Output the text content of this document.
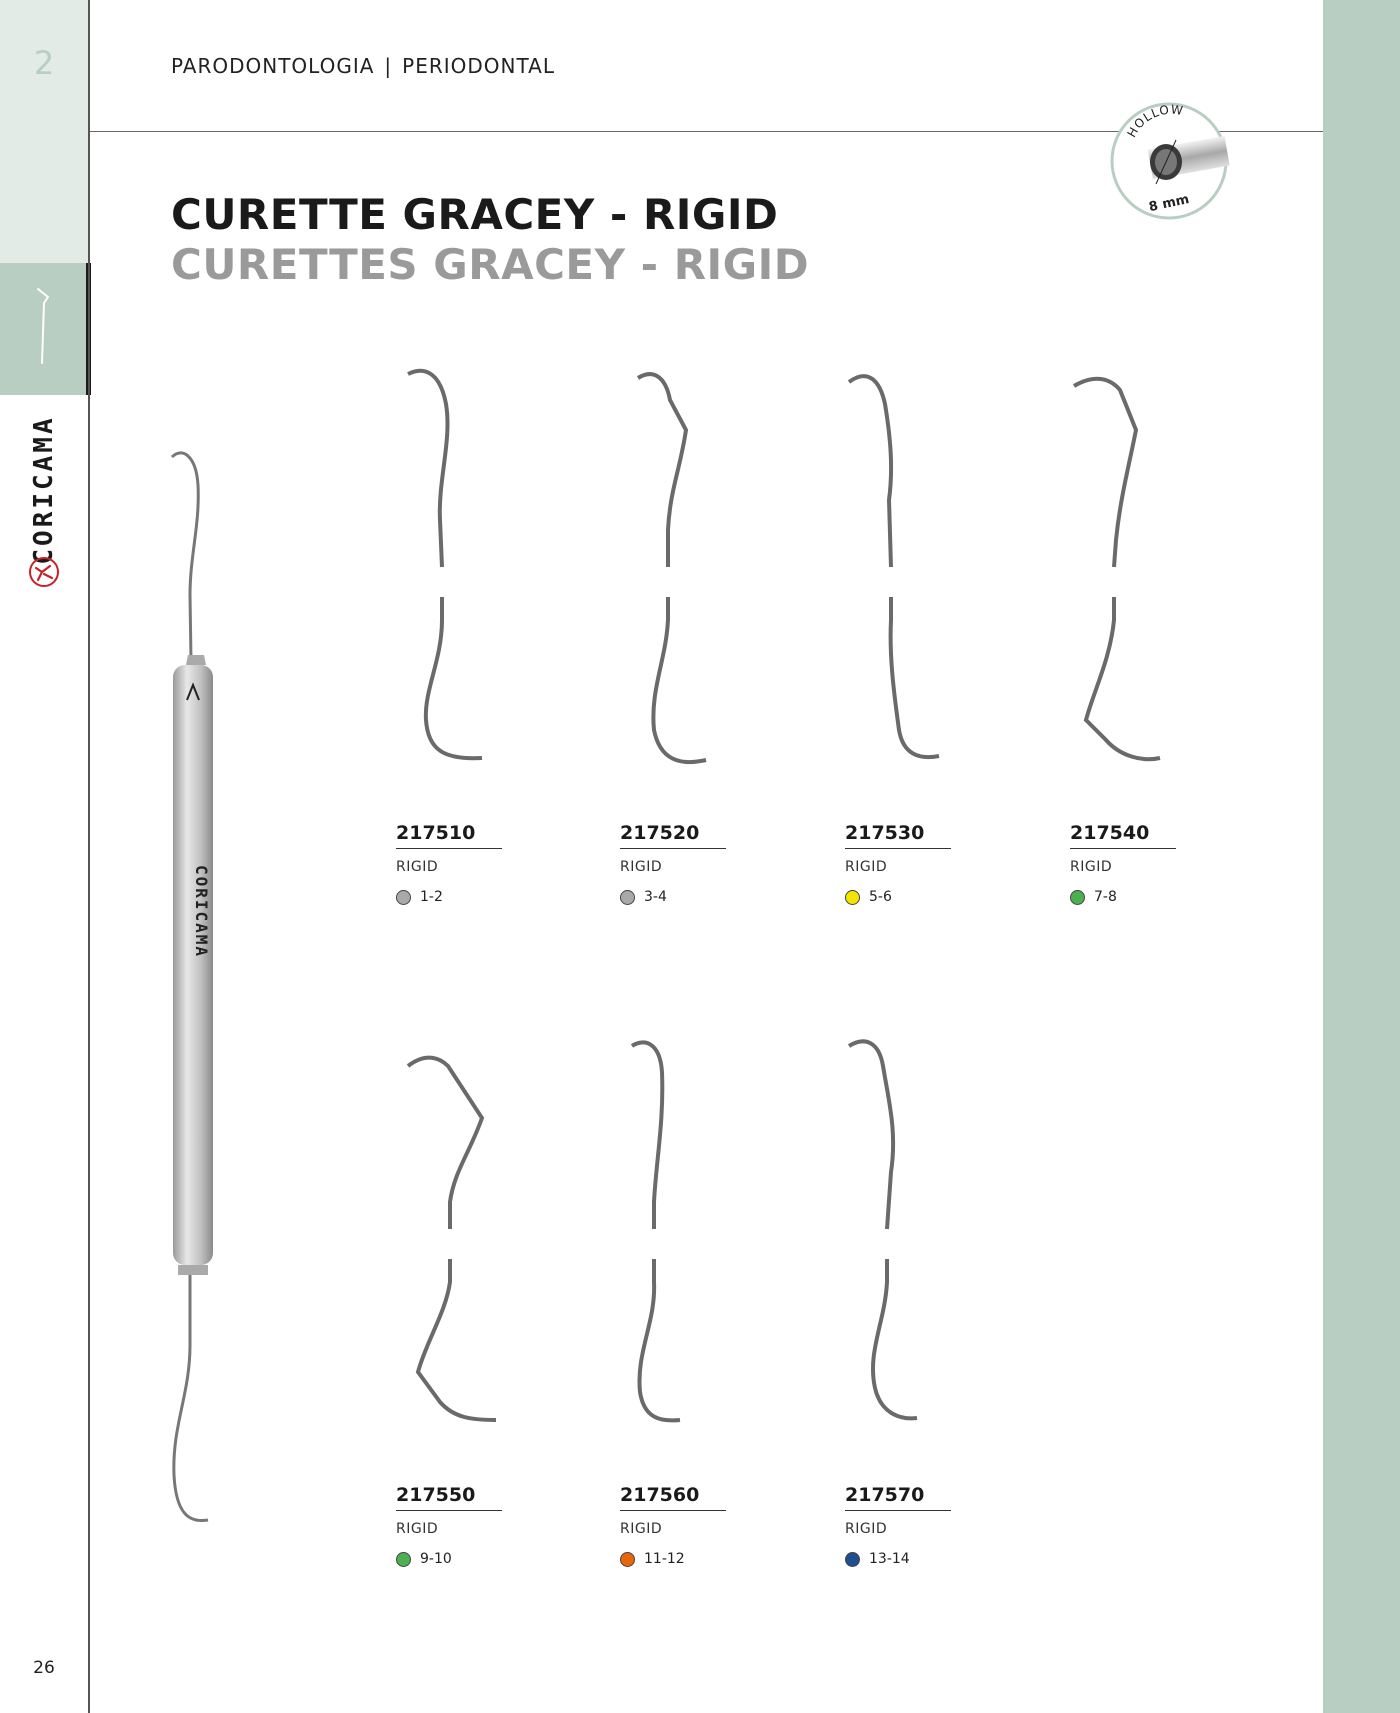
2
CORICAMA
26
PARODONTOLOGIA | PERIODONTAL
CURETTE GRACEY - RIGID
CURETTES GRACEY - RIGID
HOLLOW
8 mm
CORICAMA
217510
RIGID
1-2
217520
RIGID
3-4
217530
RIGID
5-6
217540
RIGID
7-8
217550
RIGID
9-10
217560
RIGID
11-12
217570
RIGID
13-14
